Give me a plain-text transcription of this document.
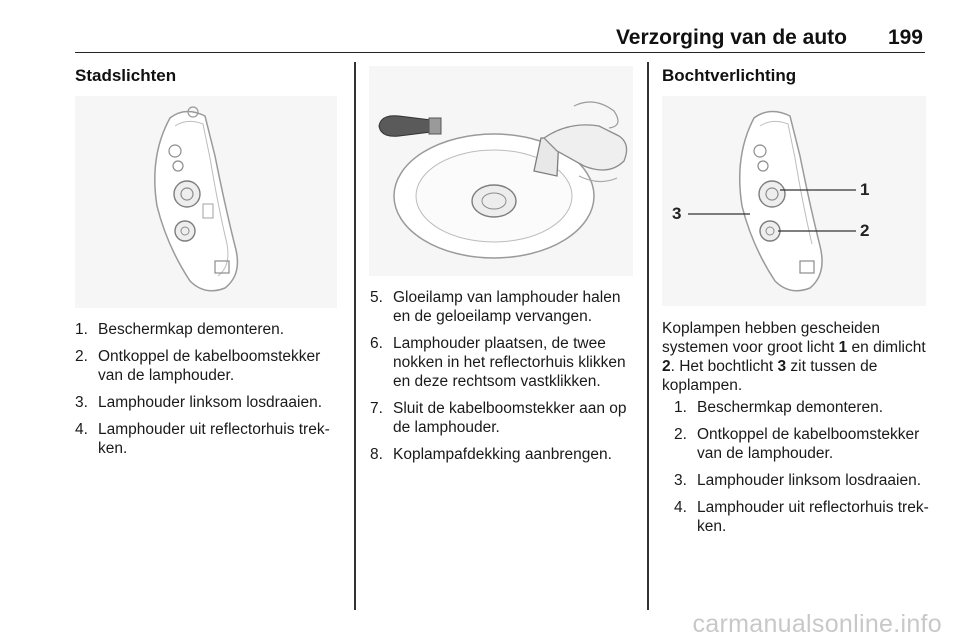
Verzorging van de auto 199
Stadslichten
1. Beschermkap demonteren.
2. Ontkoppel de kabelboomstekker van de lamphouder.
3. Lamphouder linksom losdraaien.
4. Lamphouder uit reflectorhuis trek-ken.
5. Gloeilamp van lamphouder halen en de geloeilamp vervangen.
6. Lamphouder plaatsen, de twee nokken in het reflectorhuis klikken en deze rechtsom vastklikken.
7. Sluit de kabelboomstekker aan op de lamphouder.
8. Koplampafdekking aanbrengen.
Bochtverlichting
1
2
3

Koplampen hebben gescheiden systemen voor groot licht 1 en dimlicht 2. Het bochtlicht 3 zit tussen de koplampen.

1. Beschermkap demonteren.
2. Ontkoppel de kabelboomstekker van de lamphouder.
3. Lamphouder linksom losdraaien.
4. Lamphouder uit reflectorhuis trek-ken.
carmanualsonline.info
